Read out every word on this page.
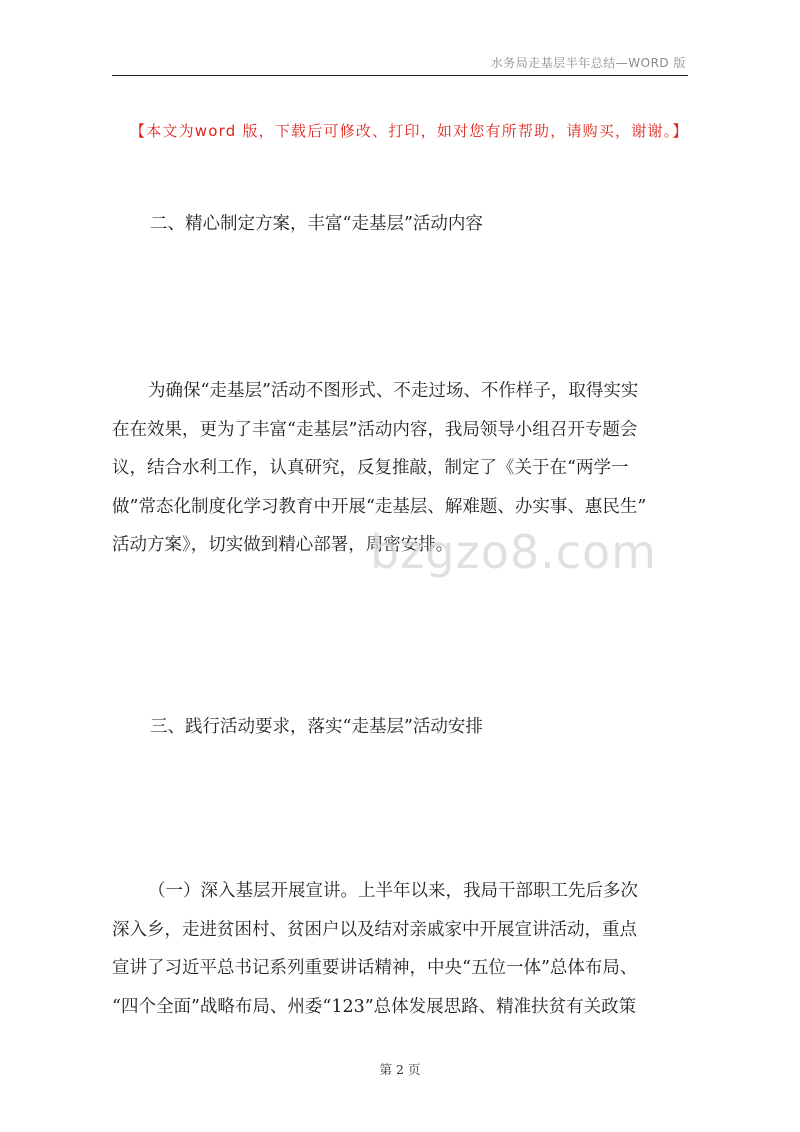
水务局走基层半年总结—WORD 版
【本文为word 版，下载后可修改、打印，如对您有所帮助，请购买，谢谢。】
二、精心制定方案，丰富“走基层”活动内容
为确保“走基层”活动不图形式、不走过场、不作样子，取得实实
在在效果，更为了丰富“走基层”活动内容，我局领导小组召开专题会
议，结合水利工作，认真研究，反复推敲，制定了《关于在“两学一
做”常态化制度化学习教育中开展“走基层、解难题、办实事、惠民生”
活动方案》，切实做到精心部署，周密安排。
三、践行活动要求，落实“走基层”活动安排
（一）深入基层开展宣讲。上半年以来，我局干部职工先后多次
深入乡，走进贫困村、贫困户以及结对亲戚家中开展宣讲活动，重点
宣讲了习近平总书记系列重要讲话精神，中央“五位一体”总体布局、
“四个全面”战略布局、州委“123”总体发展思路、精准扶贫有关政策
bzgzo8.com
第 2 页
